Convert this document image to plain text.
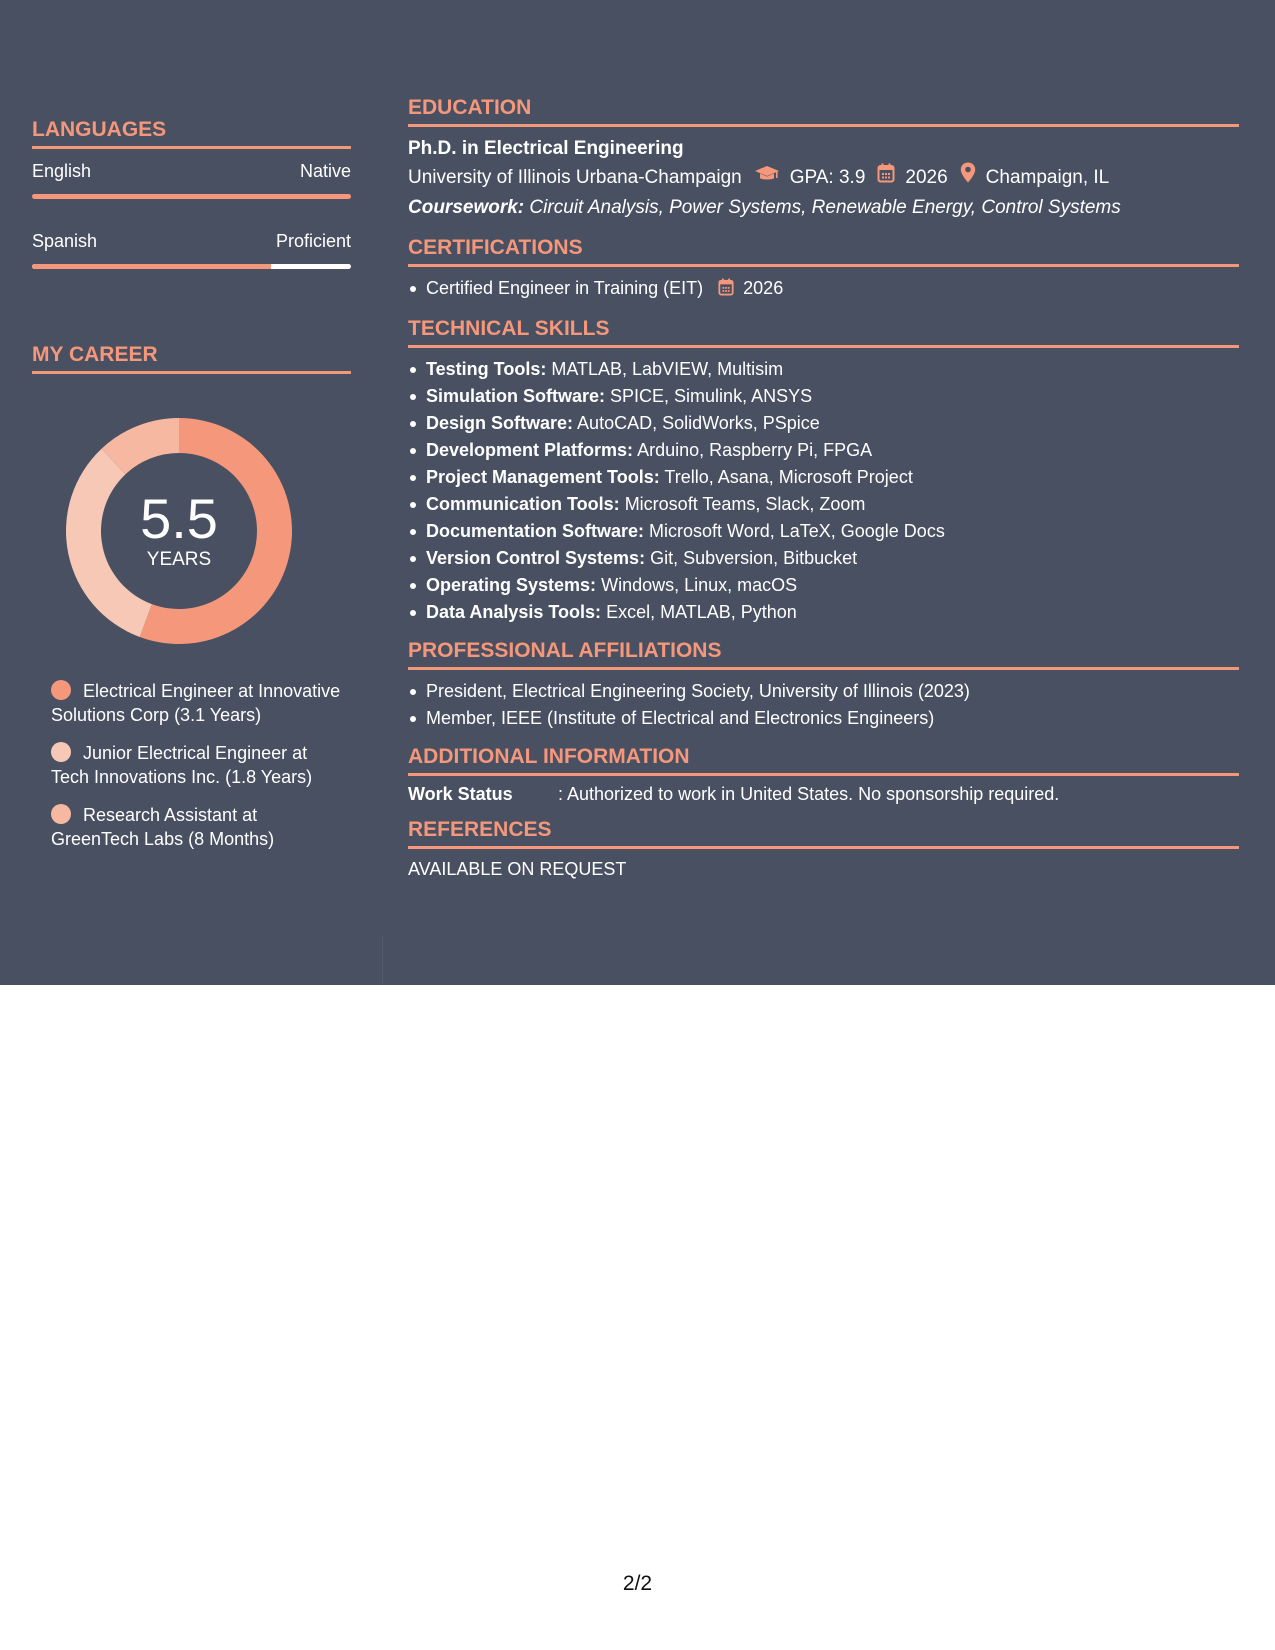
LANGUAGES
English	Native
Spanish	Proficient
MY CAREER
5.5
YEARS
Electrical Engineer at Innovative Solutions Corp (3.1 Years)
Junior Electrical Engineer at Tech Innovations Inc. (1.8 Years)
Research Assistant at GreenTech Labs (8 Months)
EDUCATION
Ph.D. in Electrical Engineering
University of Illinois Urbana-Champaign	GPA: 3.9 2026 Champaign, IL
Coursework: Circuit Analysis, Power Systems, Renewable Energy, Control Systems
CERTIFICATIONS
Certified Engineer in Training (EIT) 2026
TECHNICAL SKILLS
Testing Tools: MATLAB, LabVIEW, Multisim
Simulation Software: SPICE, Simulink, ANSYS
Design Software: AutoCAD, SolidWorks, PSpice
Development Platforms: Arduino, Raspberry Pi, FPGA
Project Management Tools: Trello, Asana, Microsoft Project
Communication Tools: Microsoft Teams, Slack, Zoom
Documentation Software: Microsoft Word, LaTeX, Google Docs
Version Control Systems: Git, Subversion, Bitbucket
Operating Systems: Windows, Linux, macOS
Data Analysis Tools: Excel, MATLAB, Python
PROFESSIONAL AFFILIATIONS
President, Electrical Engineering Society, University of Illinois (2023)
Member, IEEE (Institute of Electrical and Electronics Engineers)
ADDITIONAL INFORMATION
Work Status	: Authorized to work in United States. No sponsorship required.
REFERENCES
AVAILABLE ON REQUEST
2/2
